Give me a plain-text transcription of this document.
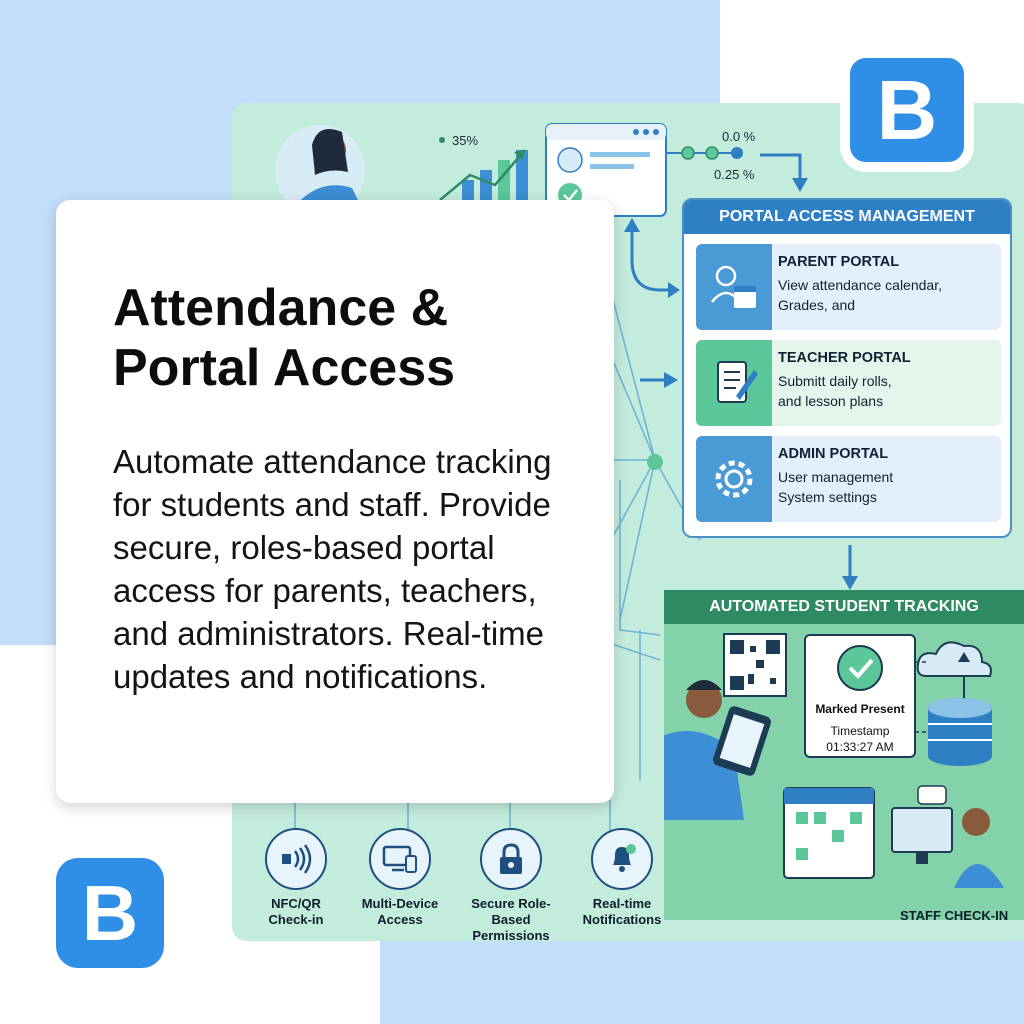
35%	0.0 %
0.25 %
PORTAL ACCESS MANAGEMENT
PARENT PORTAL
View attendance calendar,
Grades, and
TEACHER PORTAL
Submitt daily rolls,
and lesson plans
ADMIN PORTAL
User management
System settings
AUTOMATED STUDENT TRACKING
Marked Present
Timestamp
01:33:27 AM
STAFF CHECK-IN
NFC/QR
Check-in
Multi-Device
Access
Secure Role-Based
Permissions
Real-time
Notifications
Attendance & Portal Access

Automate attendance tracking for students and staff. Provide secure, roles-based portal access for parents, teachers, and administrators. Real-time updates and notifications.

B
B
